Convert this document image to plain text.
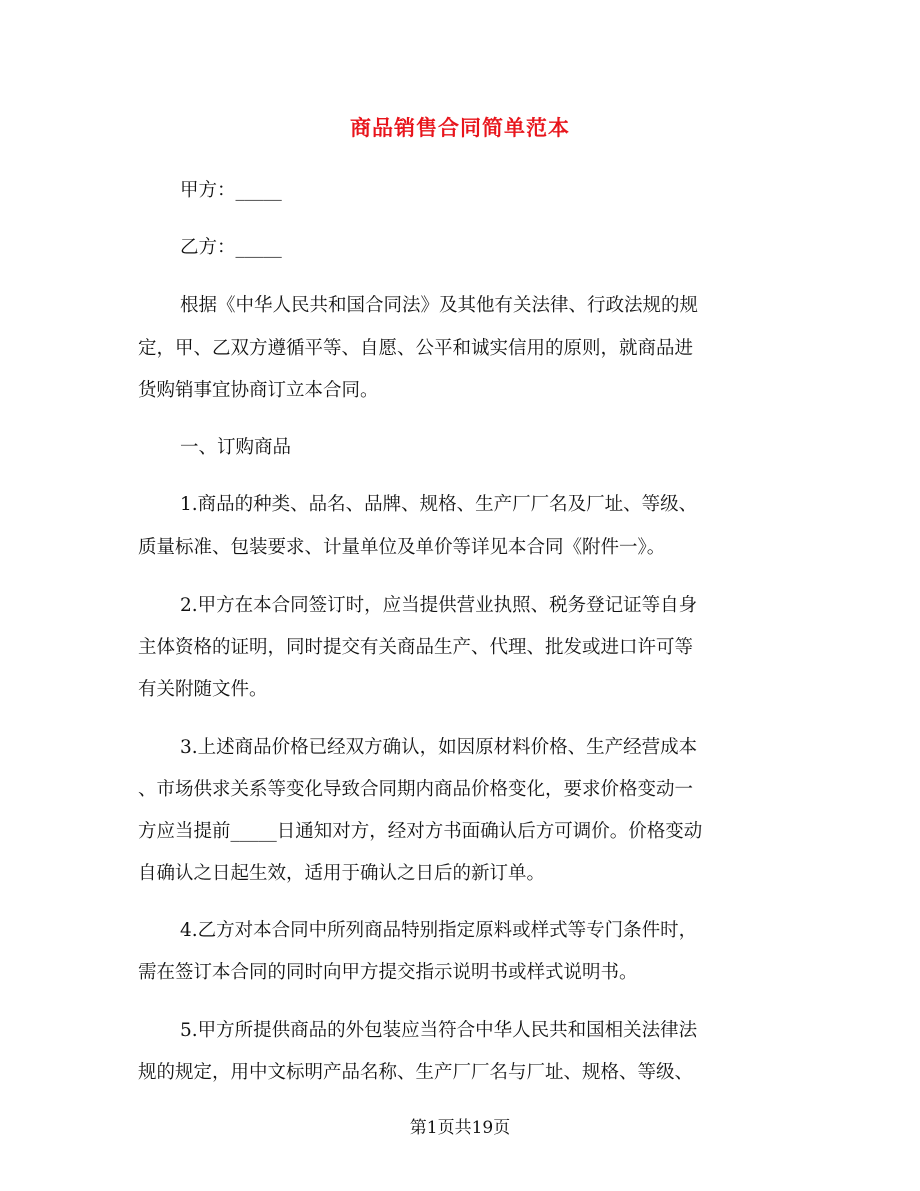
商品销售合同简单范本
甲方：_____
乙方：_____
根据《中华人民共和国合同法》及其他有关法律、行政法规的规
定，甲、乙双方遵循平等、自愿、公平和诚实信用的原则，就商品进
货购销事宜协商订立本合同。
一、订购商品
1.商品的种类、品名、品牌、规格、生产厂厂名及厂址、等级、
质量标准、包装要求、计量单位及单价等详见本合同《附件一》。
2.甲方在本合同签订时，应当提供营业执照、税务登记证等自身
主体资格的证明，同时提交有关商品生产、代理、批发或进口许可等
有关附随文件。
3.上述商品价格已经双方确认，如因原材料价格、生产经营成本
、市场供求关系等变化导致合同期内商品价格变化，要求价格变动一
方应当提前_____日通知对方，经对方书面确认后方可调价。价格变动
自确认之日起生效，适用于确认之日后的新订单。
4.乙方对本合同中所列商品特别指定原料或样式等专门条件时，
需在签订本合同的同时向甲方提交指示说明书或样式说明书。
5.甲方所提供商品的外包装应当符合中华人民共和国相关法律法
规的规定，用中文标明产品名称、生产厂厂名与厂址、规格、等级、
第1页共19页
